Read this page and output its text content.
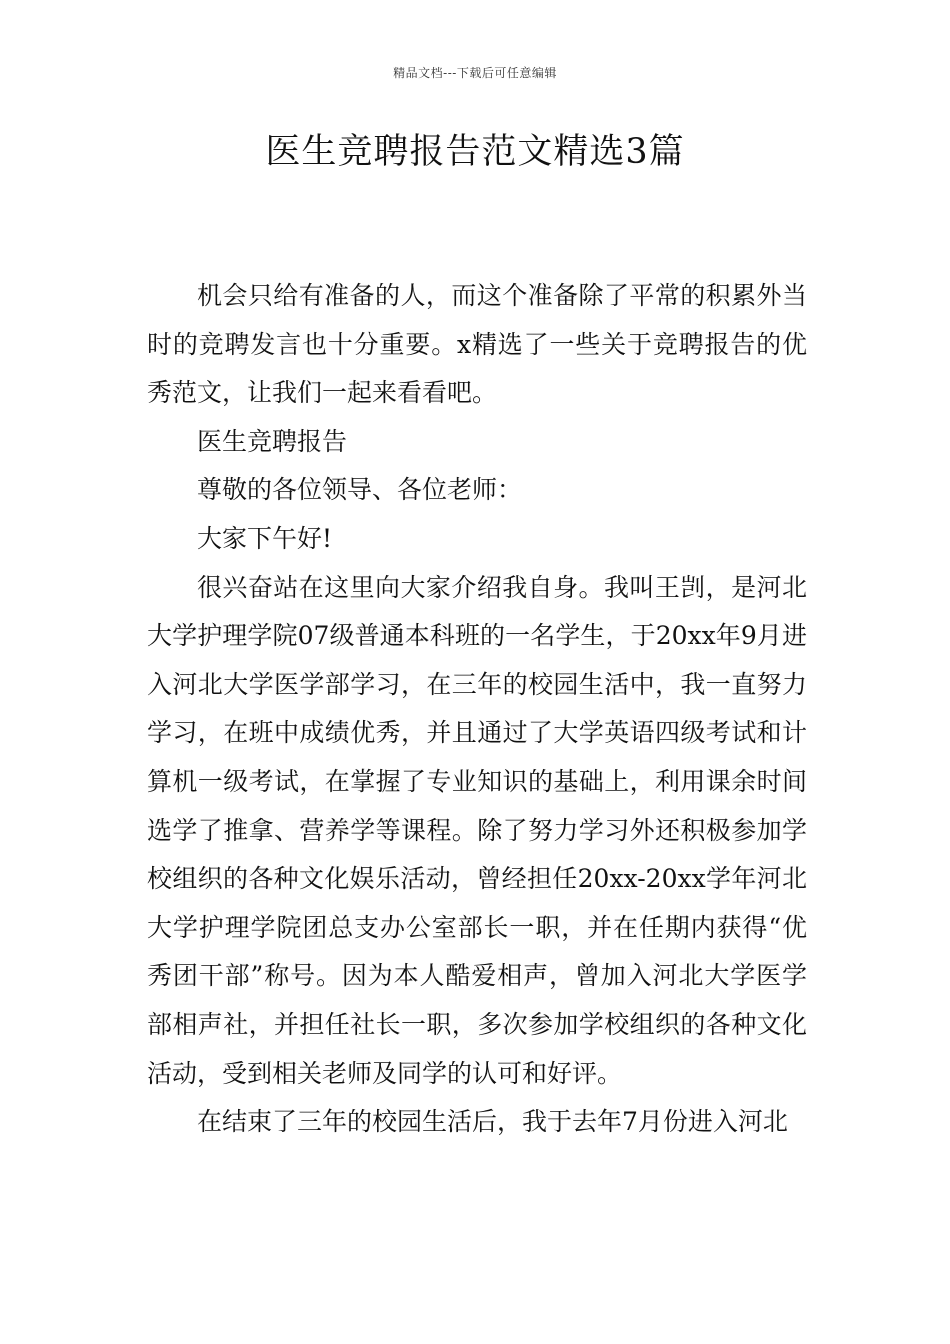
精品文档---下载后可任意编辑
医生竞聘报告范文精选3篇

机会只给有准备的人，而这个准备除了平常的积累外当时的竞聘发言也十分重要。x精选了一些关于竞聘报告的优秀范文，让我们一起来看看吧。

医生竞聘报告

尊敬的各位领导、各位老师：

大家下午好!

很兴奋站在这里向大家介绍我自身。我叫王剀，是河北大学护理学院07级普通本科班的一名学生，于20xx年9月进入河北大学医学部学习，在三年的校园生活中，我一直努力学习，在班中成绩优秀，并且通过了大学英语四级考试和计算机一级考试，在掌握了专业知识的基础上，利用课余时间选学了推拿、营养学等课程。除了努力学习外还积极参加学校组织的各种文化娱乐活动，曾经担任20xx-20xx学年河北大学护理学院团总支办公室部长一职，并在任期内获得“优秀团干部”称号。因为本人酷爱相声，曾加入河北大学医学部相声社，并担任社长一职，多次参加学校组织的各种文化活动，受到相关老师及同学的认可和好评。

在结束了三年的校园生活后，我于去年7月份进入河北
